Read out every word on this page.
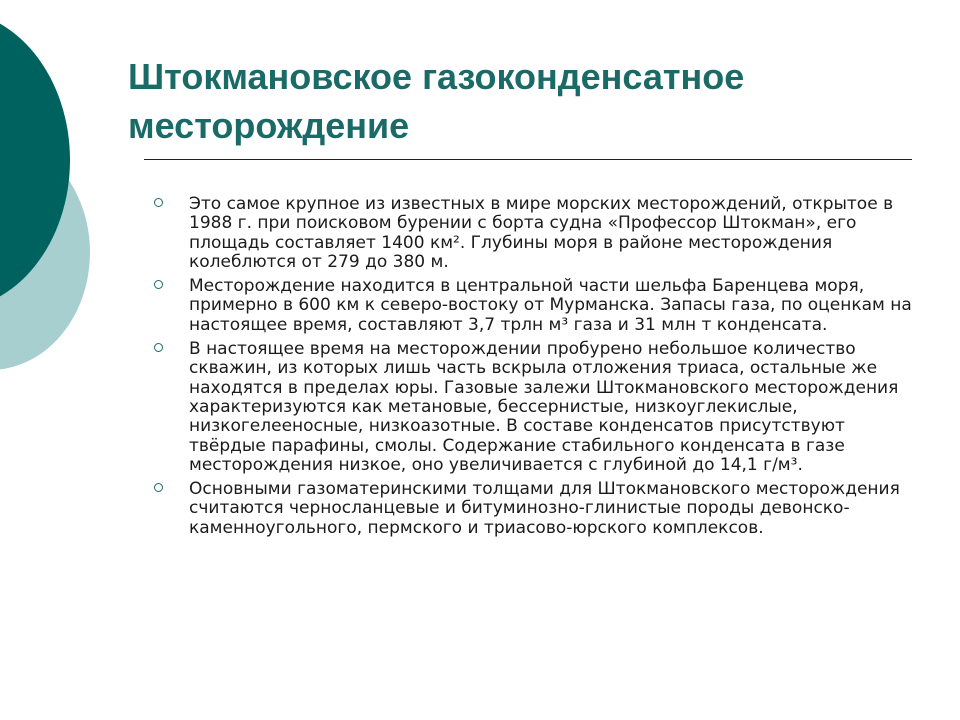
Штокмановское газоконденсатное месторождение
Это самое крупное из известных в мире морских месторождений, открытое в 1988 г. при поисковом бурении с борта судна «Профессор Штокман», его площадь составляет 1400 км². Глубины моря в районе месторождения колеблются от 279 до 380 м.
Месторождение находится в центральной части шельфа Баренцева моря, примерно в 600 км к северо-востоку от Мурманска. Запасы газа, по оценкам на настоящее время, составляют 3,7 трлн м³ газа и 31 млн т конденсата.
В настоящее время на месторождении пробурено небольшое количество скважин, из которых лишь часть вскрыла отложения триаса, остальные же находятся в пределах юры. Газовые залежи Штокмановского месторождения характеризуются как метановые, бессернистые, низкоуглекислые, низкогелееносные, низкоазотные. В составе конденсатов присутствуют твёрдые парафины, смолы. Содержание стабильного конденсата в газе месторождения низкое, оно увеличивается с глубиной до 14,1 г/м³.
Основными газоматеринскими толщами для Штокмановского месторождения считаются черносланцевые и битуминозно-глинистые породы девонско-каменноугольного, пермского и триасово-юрского комплексов.
